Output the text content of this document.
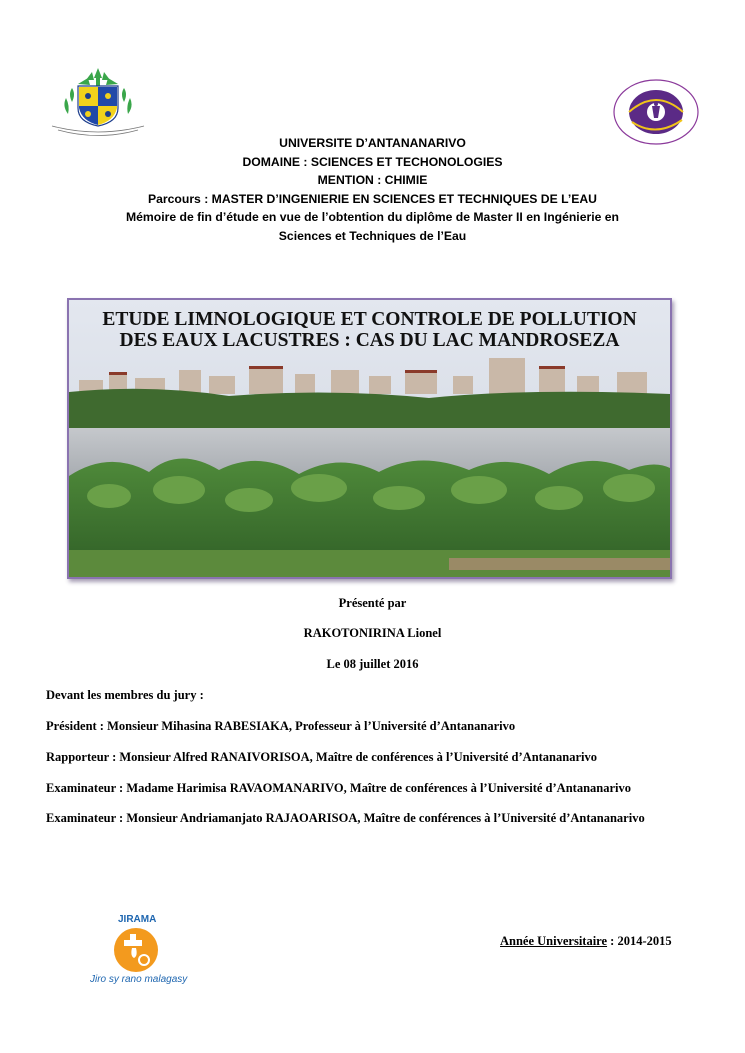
UNIVERSITE D’ANTANANARIVO
DOMAINE : SCIENCES ET TECHONOLOGIES
MENTION : CHIMIE
Parcours : MASTER D’INGENIERIE EN SCIENCES ET TECHNIQUES DE L’EAU
Mémoire de fin d’étude en vue de l’obtention du diplôme de Master II en Ingénierie en
Sciences et Techniques de l’Eau
ETUDE LIMNOLOGIQUE ET CONTROLE DE POLLUTION
DES EAUX LACUSTRES : CAS DU LAC MANDROSEZA
Présenté par
RAKOTONIRINA Lionel
Le 08 juillet 2016
Devant les membres du jury :
Président : Monsieur Mihasina RABESIAKA, Professeur à l’Université d’Antananarivo
Rapporteur : Monsieur Alfred RANAIVORISOA, Maître de conférences à l’Université d’Antananarivo
Examinateur : Madame Harimisa RAVAOMANARIVO, Maître de conférences à l’Université d’Antananarivo
Examinateur : Monsieur Andriamanjato RAJAOARISOA, Maître de conférences à l’Université d’Antananarivo
JIRAMA
Jiro sy rano malagasy
Année Universitaire : 2014-2015
